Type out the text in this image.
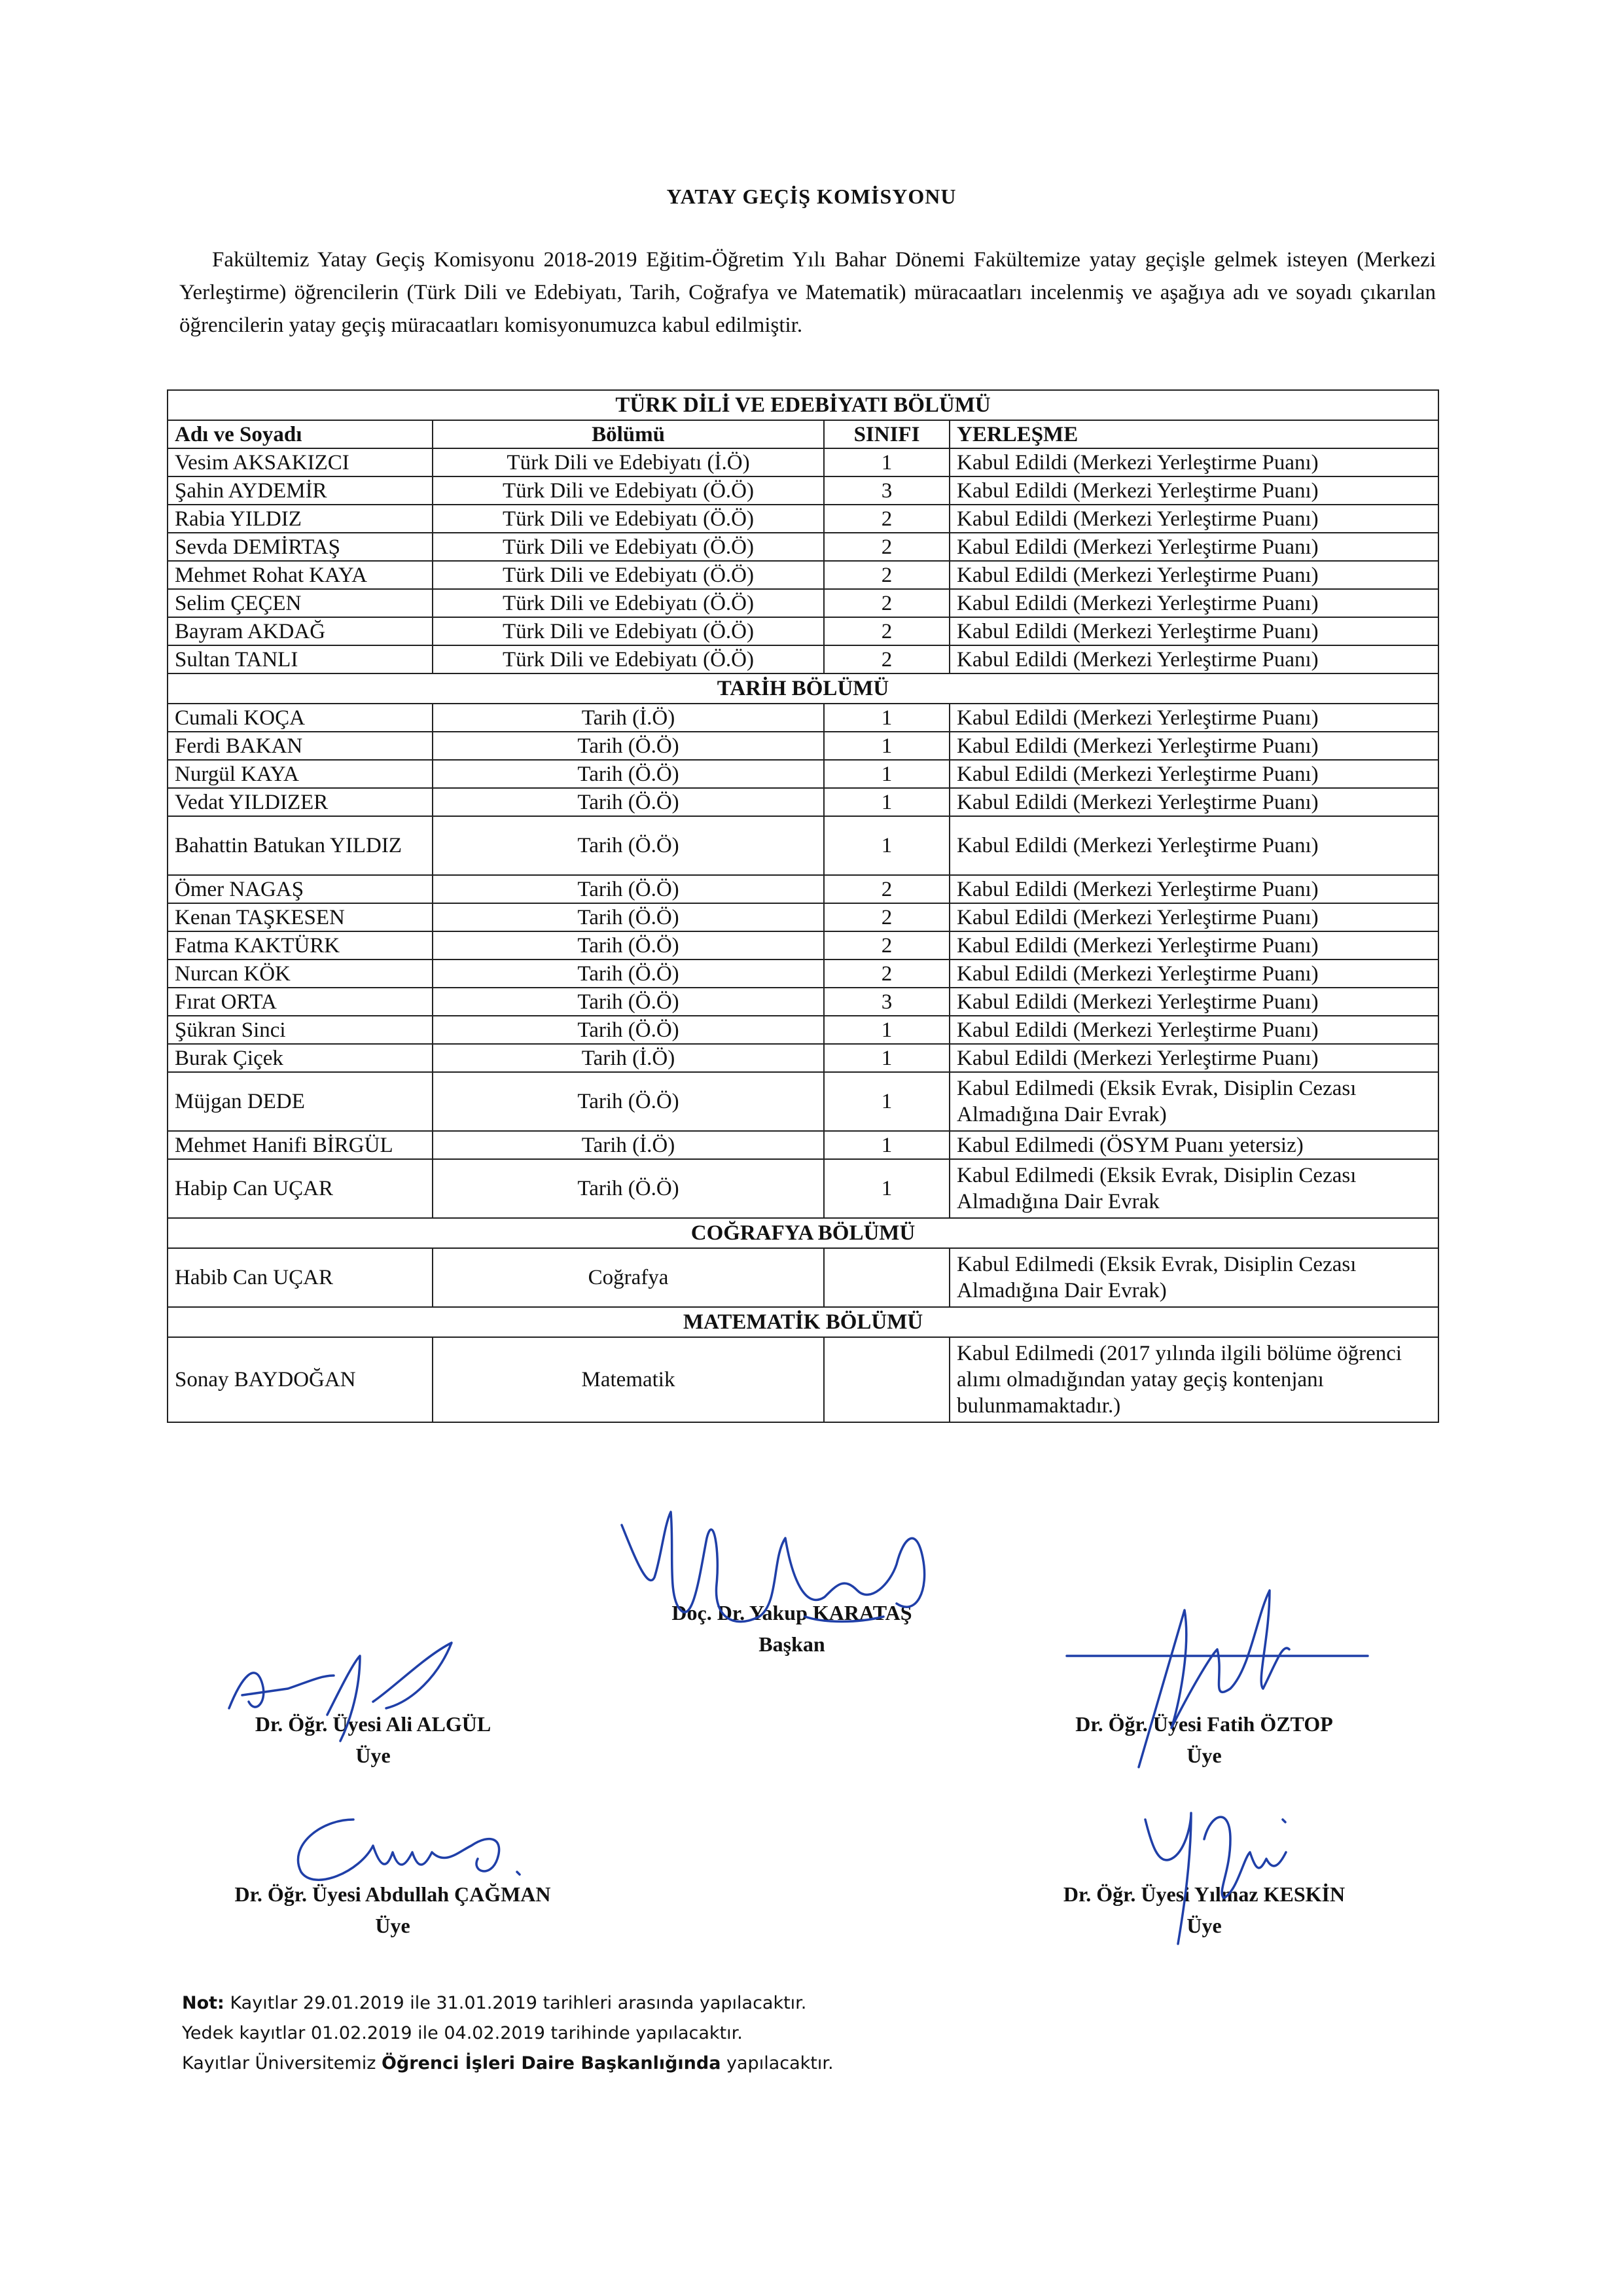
YATAY GEÇİŞ KOMİSYONU
Fakültemiz Yatay Geçiş Komisyonu 2018-2019 Eğitim-Öğretim Yılı Bahar Dönemi Fakültemize yatay geçişle gelmek isteyen (Merkezi Yerleştirme) öğrencilerin (Türk Dili ve Edebiyatı, Tarih, Coğrafya ve Matematik) müracaatları incelenmiş ve aşağıya adı ve soyadı çıkarılan öğrencilerin yatay geçiş müracaatları komisyonumuzca kabul edilmiştir.
TÜRK DİLİ VE EDEBİYATI BÖLÜMÜ			
Adı ve Soyadı	Bölümü	SINIFI	YERLEŞME
Vesim AKSAKIZCI	Türk Dili ve Edebiyatı (İ.Ö)	1	Kabul Edildi (Merkezi Yerleştirme Puanı)
Şahin AYDEMİR	Türk Dili ve Edebiyatı (Ö.Ö)	3	Kabul Edildi (Merkezi Yerleştirme Puanı)
Rabia YILDIZ	Türk Dili ve Edebiyatı (Ö.Ö)	2	Kabul Edildi (Merkezi Yerleştirme Puanı)
Sevda DEMİRTAŞ	Türk Dili ve Edebiyatı (Ö.Ö)	2	Kabul Edildi (Merkezi Yerleştirme Puanı)
Mehmet Rohat KAYA	Türk Dili ve Edebiyatı (Ö.Ö)	2	Kabul Edildi (Merkezi Yerleştirme Puanı)
Selim ÇEÇEN	Türk Dili ve Edebiyatı (Ö.Ö)	2	Kabul Edildi (Merkezi Yerleştirme Puanı)
Bayram AKDAĞ	Türk Dili ve Edebiyatı (Ö.Ö)	2	Kabul Edildi (Merkezi Yerleştirme Puanı)
Sultan TANLI	Türk Dili ve Edebiyatı (Ö.Ö)	2	Kabul Edildi (Merkezi Yerleştirme Puanı)
TARİH BÖLÜMÜ			
Cumali KOÇA	Tarih (İ.Ö)	1	Kabul Edildi (Merkezi Yerleştirme Puanı)
Ferdi BAKAN	Tarih (Ö.Ö)	1	Kabul Edildi (Merkezi Yerleştirme Puanı)
Nurgül KAYA	Tarih (Ö.Ö)	1	Kabul Edildi (Merkezi Yerleştirme Puanı)
Vedat YILDIZER	Tarih (Ö.Ö)	1	Kabul Edildi (Merkezi Yerleştirme Puanı)
Bahattin Batukan YILDIZ	Tarih (Ö.Ö)	1	Kabul Edildi (Merkezi Yerleştirme Puanı)
Ömer NAGAŞ	Tarih (Ö.Ö)	2	Kabul Edildi (Merkezi Yerleştirme Puanı)
Kenan TAŞKESEN	Tarih (Ö.Ö)	2	Kabul Edildi (Merkezi Yerleştirme Puanı)
Fatma KAKTÜRK	Tarih (Ö.Ö)	2	Kabul Edildi (Merkezi Yerleştirme Puanı)
Nurcan KÖK	Tarih (Ö.Ö)	2	Kabul Edildi (Merkezi Yerleştirme Puanı)
Fırat ORTA	Tarih (Ö.Ö)	3	Kabul Edildi (Merkezi Yerleştirme Puanı)
Şükran Sinci	Tarih (Ö.Ö)	1	Kabul Edildi (Merkezi Yerleştirme Puanı)
Burak Çiçek	Tarih (İ.Ö)	1	Kabul Edildi (Merkezi Yerleştirme Puanı)
Müjgan DEDE	Tarih (Ö.Ö)	1	Kabul Edilmedi (Eksik Evrak, Disiplin Cezası Almadığına Dair Evrak)
Mehmet Hanifi BİRGÜL	Tarih (İ.Ö)	1	Kabul Edilmedi (ÖSYM Puanı yetersiz)
Habip Can UÇAR	Tarih (Ö.Ö)	1	Kabul Edilmedi (Eksik Evrak, Disiplin Cezası Almadığına Dair Evrak
COĞRAFYA BÖLÜMÜ			
Habib Can UÇAR	Coğrafya		Kabul Edilmedi (Eksik Evrak, Disiplin Cezası Almadığına Dair Evrak)
MATEMATİK BÖLÜMÜ			
Sonay BAYDOĞAN	Matematik		Kabul Edilmedi (2017 yılında ilgili bölüme öğrenci alımı olmadığından yatay geçiş kontenjanı bulunmamaktadır.)
Doç. Dr. Yakup KARATAŞ
Başkan
Dr. Öğr. Üyesi Ali ALGÜL
Üye
Dr. Öğr. Üyesi Fatih ÖZTOP
Üye
Dr. Öğr. Üyesi Abdullah ÇAĞMAN
Üye
Dr. Öğr. Üyesi Yılmaz KESKİN
Üye
Not: Kayıtlar 29.01.2019 ile 31.01.2019 tarihleri arasında yapılacaktır.
Yedek kayıtlar 01.02.2019 ile 04.02.2019 tarihinde yapılacaktır.
Kayıtlar Üniversitemiz Öğrenci İşleri Daire Başkanlığında yapılacaktır.
